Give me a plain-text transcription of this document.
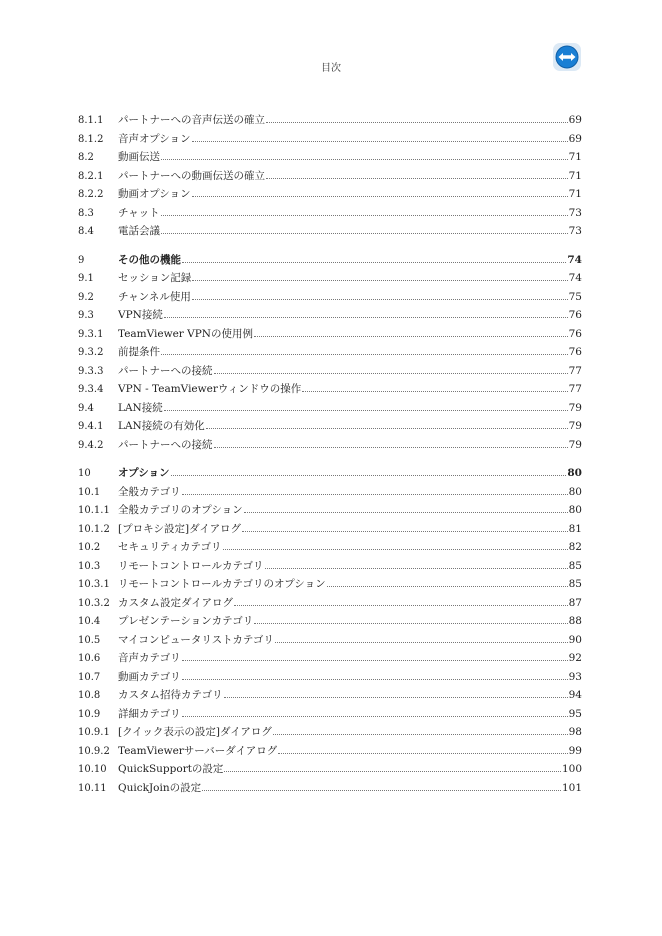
目次
8.1.1	パートナーへの音声伝送の確立	69
8.1.2	音声オプション	69
8.2	動画伝送	71
8.2.1	パートナーへの動画伝送の確立	71
8.2.2	動画オプション	71
8.3	チャット	73
8.4	電話会議	73
9	その他の機能	74
9.1	セッション記録	74
9.2	チャンネル使用	75
9.3	VPN接続	76
9.3.1	TeamViewer VPNの使用例	76
9.3.2	前提条件	76
9.3.3	パートナーへの接続	77
9.3.4	VPN - TeamViewerウィンドウの操作	77
9.4	LAN接続	79
9.4.1	LAN接続の有効化	79
9.4.2	パートナーへの接続	79
10	オプション	80
10.1	全般カテゴリ	80
10.1.1 全般カテゴリのオプション	80
10.1.2 [プロキシ設定]ダイアログ	81
10.2	セキュリティカテゴリ	82
10.3	リモートコントロールカテゴリ	85
10.3.1 リモートコントロールカテゴリのオプション	85
10.3.2 カスタム設定ダイアログ	87
10.4	プレゼンテーションカテゴリ	88
10.5	マイコンピュータリストカテゴリ	90
10.6	音声カテゴリ	92
10.7	動画カテゴリ	93
10.8	カスタム招待カテゴリ	94
10.9	詳細カテゴリ	95
10.9.1 [クイック表示の設定]ダイアログ	98
10.9.2 TeamViewerサーバーダイアログ	99
10.10	QuickSupportの設定	100
10.11	QuickJoinの設定	101
